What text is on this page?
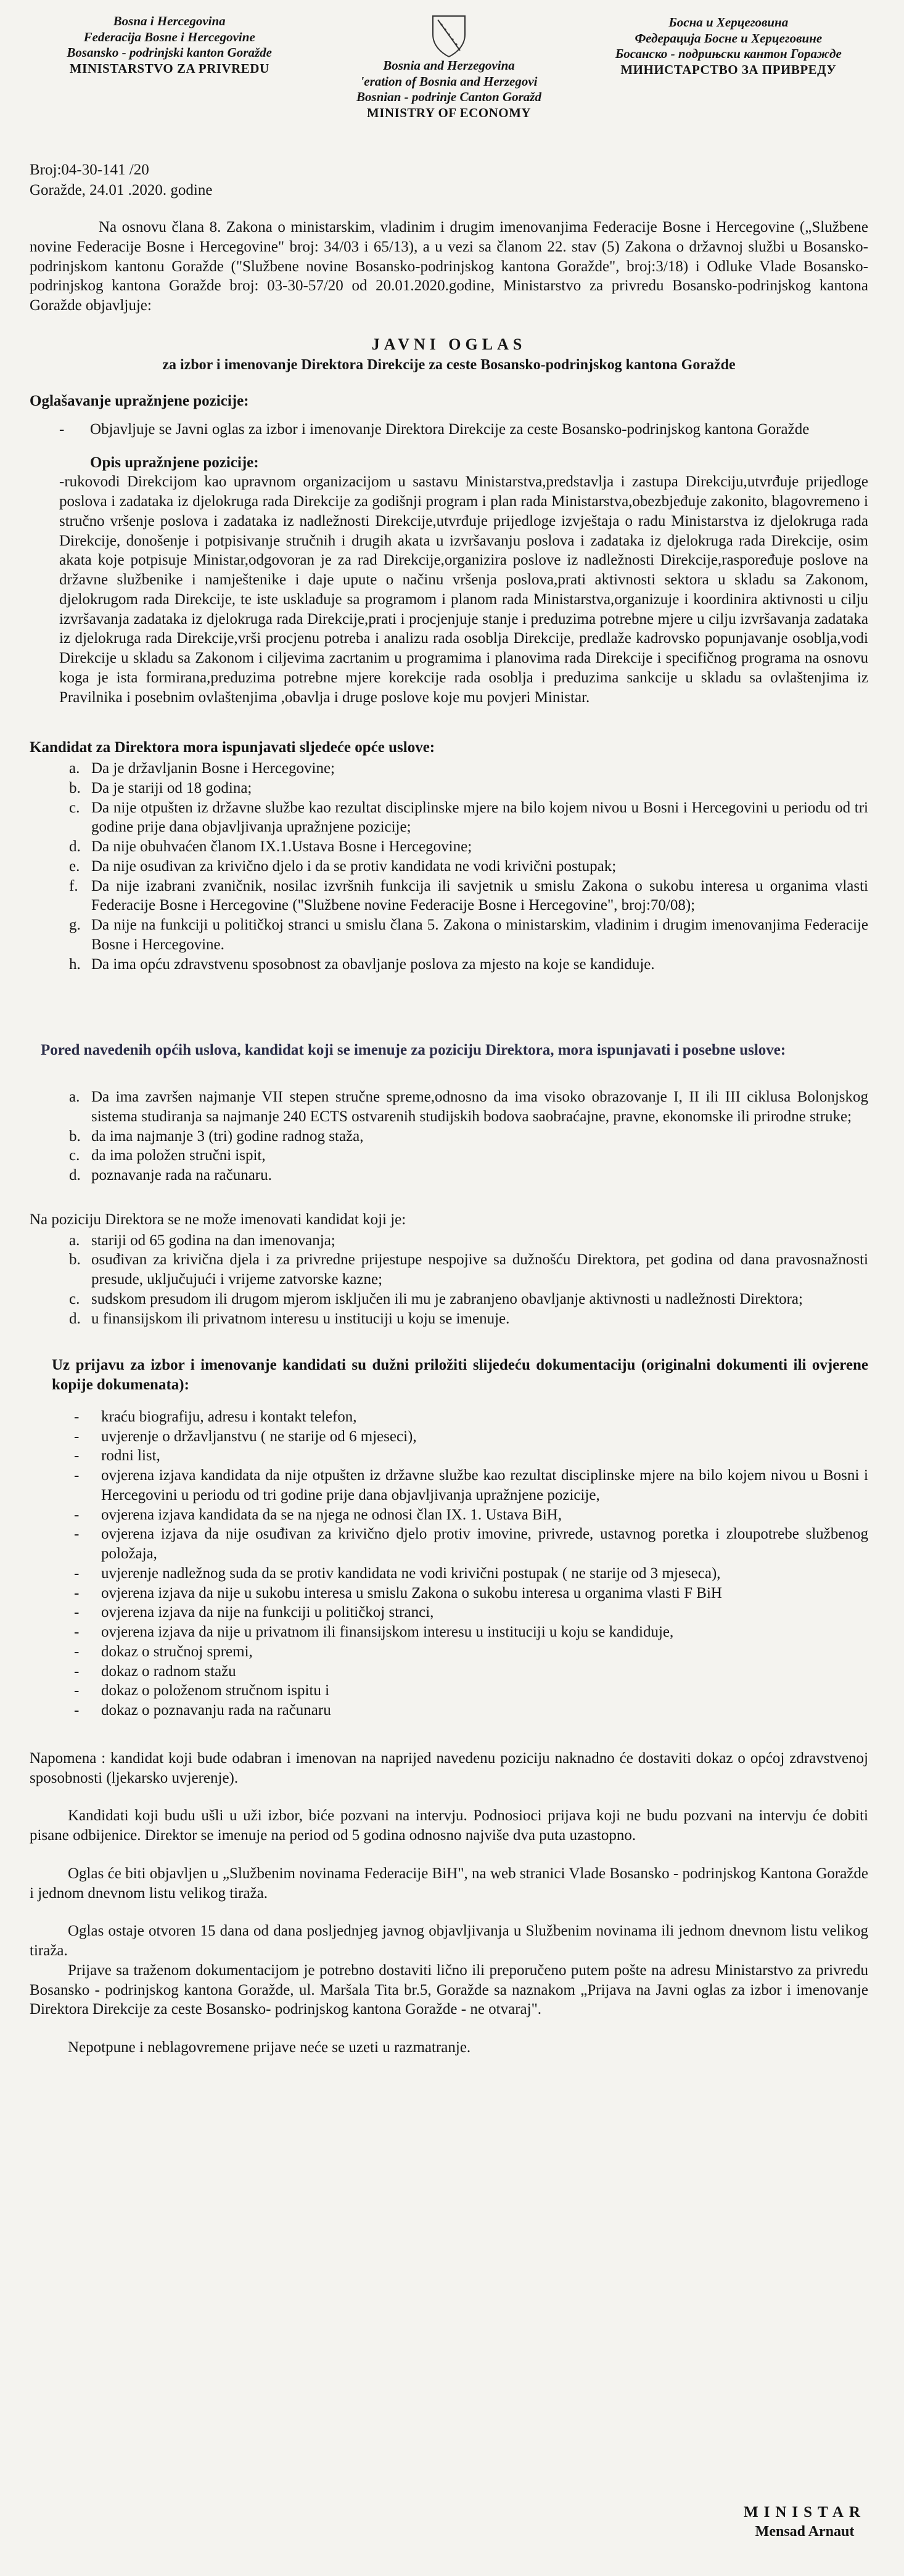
Bosna i Hercegovina
Federacija Bosne i Hercegovine
Bosansko - podrinjski kanton Goražde
MINISTARSTVO ZA PRIVREDU	Bosnia and Herzegovina
'eration of Bosnia and Herzegovi
Bosnian - podrinje Canton Goražd
MINISTRY OF ECONOMY
Босна и Херцеговина
Федерација Босне и Херцеговине
Босанско - подрињски кантон Горажде
МИНИСТАРСТВО ЗА ПРИВРЕДУ
Broj:04-30-141 /20
Goražde, 24.01 .2020. godine

Na osnovu člana 8. Zakona o ministarskim, vladinim i drugim imenovanjima Federacije Bosne i Hercegovine („Službene novine Federacije Bosne i Hercegovine" broj: 34/03 i 65/13), a u vezi sa članom 22. stav (5) Zakona o državnoj službi u Bosansko-podrinjskom kantonu Goražde ("Službene novine Bosansko-podrinjskog kantona Goražde", broj:3/18) i Odluke Vlade Bosansko-podrinjskog kantona Goražde broj: 03-30-57/20 od 20.01.2020.godine, Ministarstvo za privredu Bosansko-podrinjskog kantona Goražde objavljuje:

JAVNI OGLAS
za izbor i imenovanje Direktora Direkcije za ceste Bosansko-podrinjskog kantona Goražde
Oglašavanje upražnjene pozicije:
- Objavljuje se Javni oglas za izbor i imenovanje Direktora Direkcije za ceste Bosansko-podrinjskog kantona Goražde
Opis upražnjene pozicije:
-rukovodi Direkcijom kao upravnom organizacijom u sastavu Ministarstva,predstavlja i zastupa Direkciju,utvrđuje prijedloge poslova i zadataka iz djelokruga rada Direkcije za godišnji program i plan rada Ministarstva,obezbjeđuje zakonito, blagovremeno i stručno vršenje poslova i zadataka iz nadležnosti Direkcije,utvrđuje prijedloge izvještaja o radu Ministarstva iz djelokruga rada Direkcije, donošenje i potpisivanje stručnih i drugih akata u izvršavanju poslova i zadataka iz djelokruga rada Direkcije, osim akata koje potpisuje Ministar,odgovoran je za rad Direkcije,organizira poslove iz nadležnosti Direkcije,raspoređuje poslove na državne službenike i namještenike i daje upute o načinu vršenja poslova,prati aktivnosti sektora u skladu sa Zakonom, djelokrugom rada Direkcije, te iste usklađuje sa programom i planom rada Ministarstva,organizuje i koordinira aktivnosti u cilju izvršavanja zadataka iz djelokruga rada Direkcije,prati i procjenjuje stanje i preduzima potrebne mjere u cilju izvršavanja zadataka iz djelokruga rada Direkcije,vrši procjenu potreba i analizu rada osoblja Direkcije, predlaže kadrovsko popunjavanje osoblja,vodi Direkcije u skladu sa Zakonom i ciljevima zacrtanim u programima i planovima rada Direkcije i specifičnog programa na osnovu koga je ista formirana,preduzima potrebne mjere korekcije rada osoblja i preduzima sankcije u skladu sa ovlaštenjima iz Pravilnika i posebnim ovlaštenjima ,obavlja i druge poslove koje mu povjeri Ministar.
Kandidat za Direktora mora ispunjavati sljedeće opće uslove:
a. Da je državljanin Bosne i Hercegovine;
b. Da je stariji od 18 godina;
c. Da nije otpušten iz državne službe kao rezultat disciplinske mjere na bilo kojem nivou u Bosni i Hercegovini u periodu od tri godine prije dana objavljivanja upražnjene pozicije;
d. Da nije obuhvaćen članom IX.1.Ustava Bosne i Hercegovine;
e. Da nije osuđivan za krivično djelo i da se protiv kandidata ne vodi krivični postupak;
f. Da nije izabrani zvaničnik, nosilac izvršnih funkcija ili savjetnik u smislu Zakona o sukobu interesa u organima vlasti Federacije Bosne i Hercegovine ("Službene novine Federacije Bosne i Hercegovine", broj:70/08);
g. Da nije na funkciji u političkoj stranci u smislu člana 5. Zakona o ministarskim, vladinim i drugim imenovanjima Federacije Bosne i Hercegovine.
h. Da ima opću zdravstvenu sposobnost za obavljanje poslova za mjesto na koje se kandiduje.
Pored navedenih općih uslova, kandidat koji se imenuje za poziciju Direktora, mora ispunjavati i posebne uslove:
a. Da ima završen najmanje VII stepen stručne spreme,odnosno da ima visoko obrazovanje I, II ili III ciklusa Bolonjskog sistema studiranja sa najmanje 240 ECTS ostvarenih studijskih bodova saobraćajne, pravne, ekonomske ili prirodne struke;
b. da ima najmanje 3 (tri) godine radnog staža,
c. da ima položen stručni ispit,
d. poznavanje rada na računaru.
Na poziciju Direktora se ne može imenovati kandidat koji je:
a. stariji od 65 godina na dan imenovanja;
b. osuđivan za krivična djela i za privredne prijestupe nespojive sa dužnošću Direktora, pet godina od dana pravosnažnosti presude, uključujući i vrijeme zatvorske kazne;
c. sudskom presudom ili drugom mjerom isključen ili mu je zabranjeno obavljanje aktivnosti u nadležnosti Direktora;
d. u finansijskom ili privatnom interesu u instituciji u koju se imenuje.
Uz prijavu za izbor i imenovanje kandidati su dužni priložiti slijedeću dokumentaciju (originalni dokumenti ili ovjerene kopije dokumenata):
- kraću biografiju, adresu i kontakt telefon,
- uvjerenje o državljanstvu ( ne starije od 6 mjeseci),
- rodni list,
- ovjerena izjava kandidata da nije otpušten iz državne službe kao rezultat disciplinske mjere na bilo kojem nivou u Bosni i Hercegovini u periodu od tri godine prije dana objavljivanja upražnjene pozicije,
- ovjerena izjava kandidata da se na njega ne odnosi član IX. 1. Ustava BiH,
- ovjerena izjava da nije osuđivan za krivično djelo protiv imovine, privrede, ustavnog poretka i zloupotrebe službenog položaja,
- uvjerenje nadležnog suda da se protiv kandidata ne vodi krivični postupak ( ne starije od 3 mjeseca),
- ovjerena izjava da nije u sukobu interesa u smislu Zakona o sukobu interesa u organima vlasti F BiH
- ovjerena izjava da nije na funkciji u političkoj stranci,
- ovjerena izjava da nije u privatnom ili finansijskom interesu u instituciji u koju se kandiduje,
- dokaz o stručnoj spremi,
- dokaz o radnom stažu
- dokaz o položenom stručnom ispitu i
- dokaz o poznavanju rada na računaru

Napomena : kandidat koji bude odabran i imenovan na naprijed navedenu poziciju naknadno će dostaviti dokaz o općoj zdravstvenoj sposobnosti (ljekarsko uvjerenje).

Kandidati koji budu ušli u uži izbor, biće pozvani na intervju. Podnosioci prijava koji ne budu pozvani na intervju će dobiti pisane odbijenice. Direktor se imenuje na period od 5 godina odnosno najviše dva puta uzastopno.

Oglas će biti objavljen u „Službenim novinama Federacije BiH", na web stranici Vlade Bosansko - podrinjskog Kantona Goražde i jednom dnevnom listu velikog tiraža.

Oglas ostaje otvoren 15 dana od dana posljednjeg javnog objavljivanja u Službenim novinama ili jednom dnevnom listu velikog tiraža.

Prijave sa traženom dokumentacijom je potrebno dostaviti lično ili preporučeno putem pošte na adresu Ministarstvo za privredu Bosansko - podrinjskog kantona Goražde, ul. Maršala Tita br.5, Goražde sa naznakom „Prijava na Javni oglas za izbor i imenovanje Direktora Direkcije za ceste Bosansko- podrinjskog kantona Goražde - ne otvaraj".

Nepotpune i neblagovremene prijave neće se uzeti u razmatranje.

MINISTAR
Mensad Arnaut
